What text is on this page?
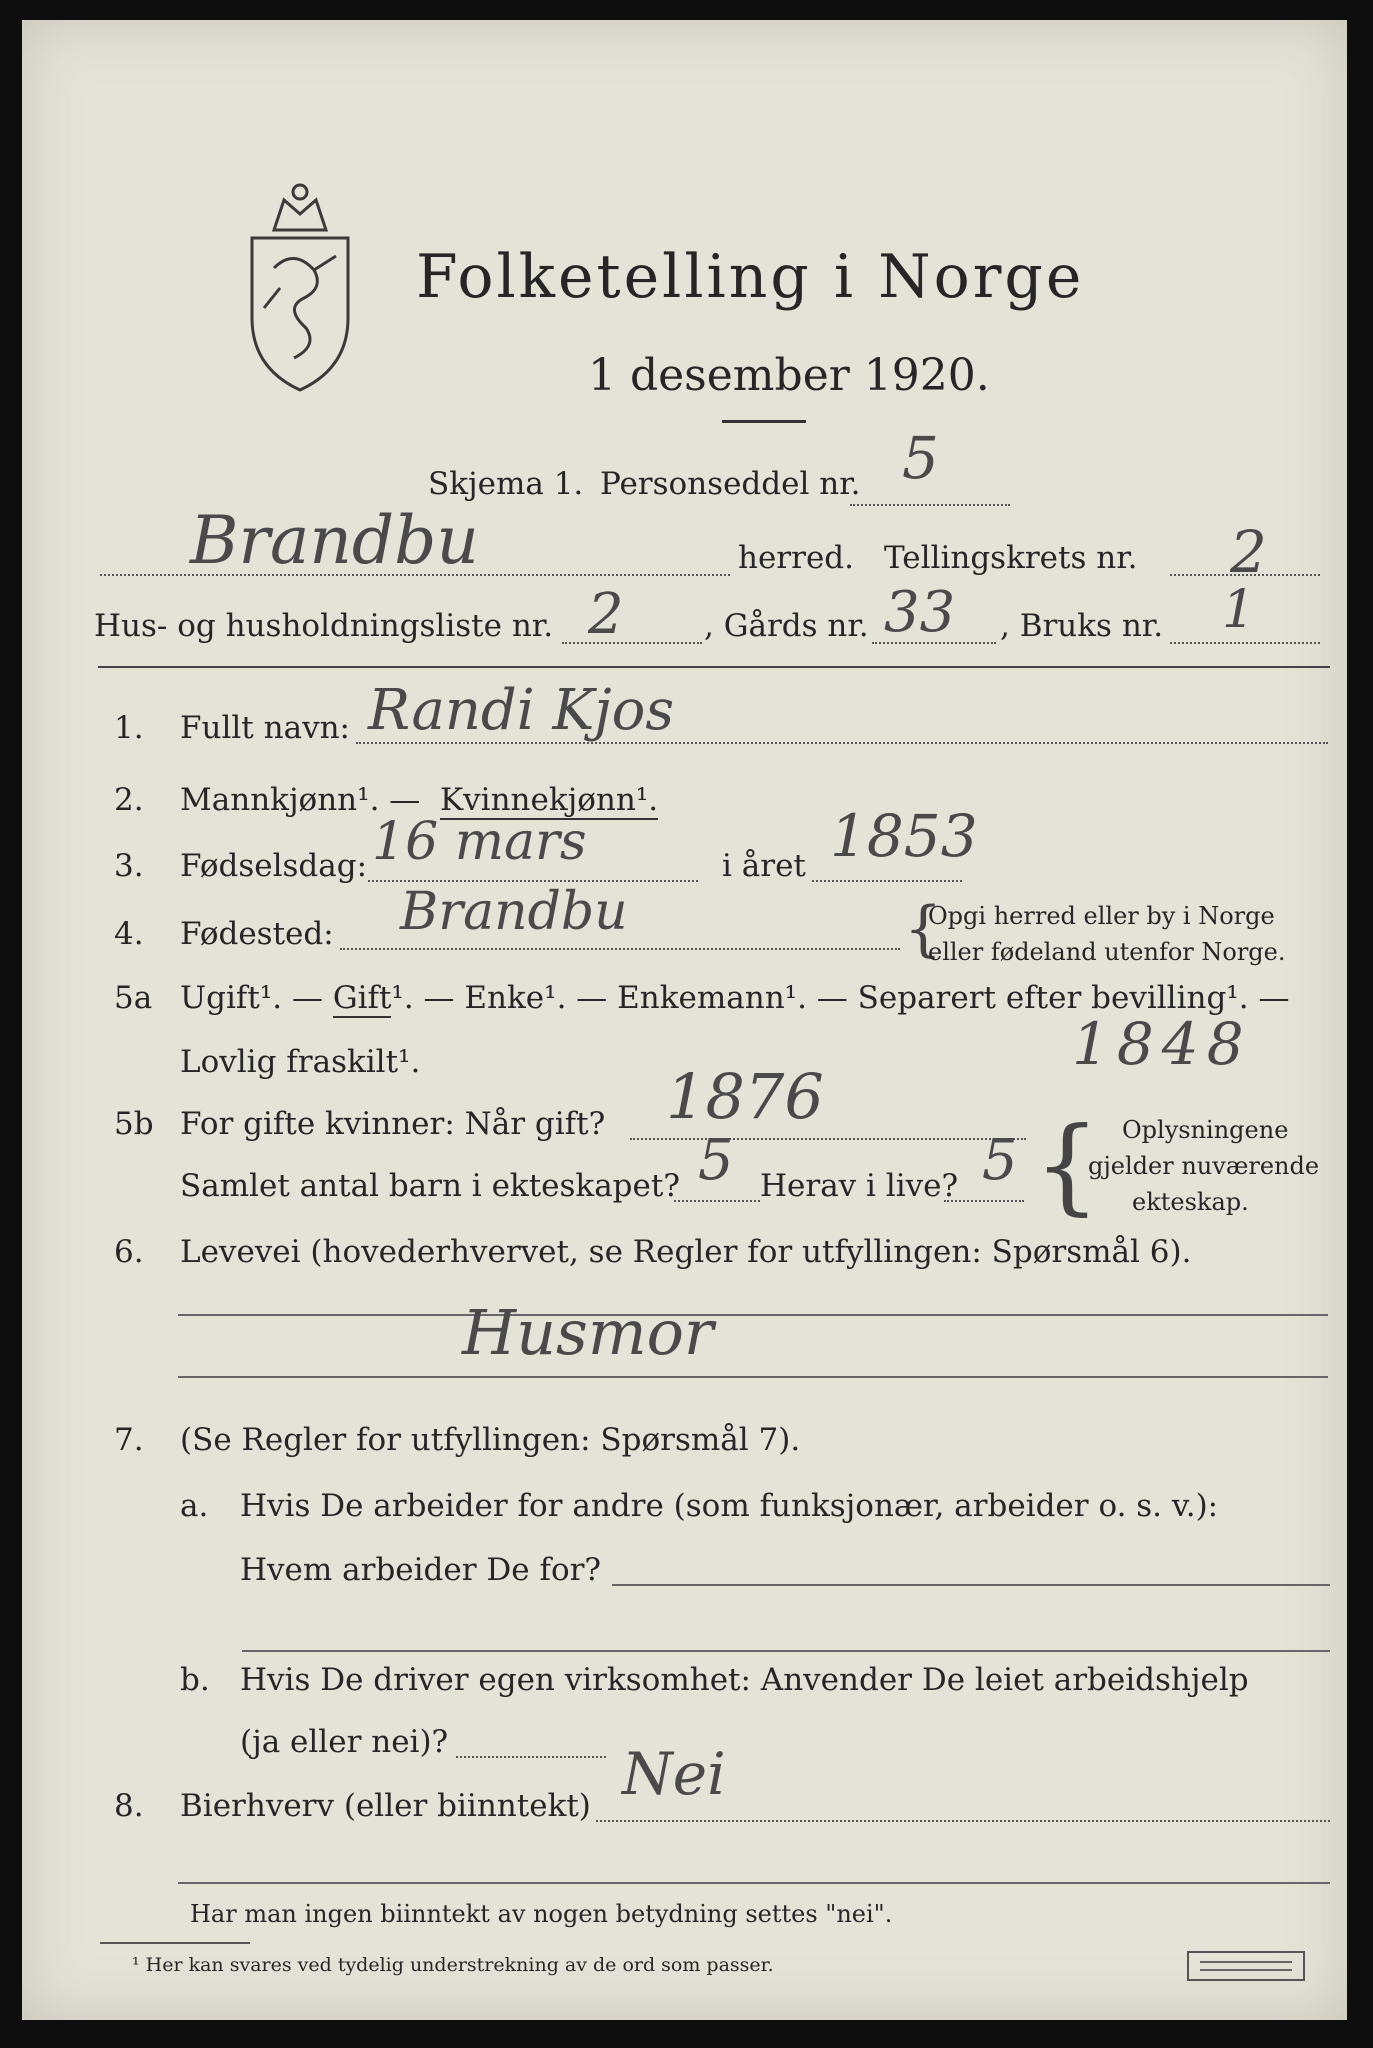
Folketelling i Norge
1 desember 1920.
Skjema 1. Personseddel nr. 5
Brandbu	herred. Tellingskrets nr. 2
Hus- og husholdningsliste nr. 2	, Gårds nr. 33 , Bruks nr. 1
1. Fullt navn: Randi Kjos
2. Mannkjønn¹. — Kvinnekjønn¹.
3. Fødselsdag: 16 mars	i året 1853
4. Fødested: Brandbu	{
Opgi herred eller by i Norge
eller fødeland utenfor Norge.
5a Ugift¹. — Gift¹. — Enke¹. — Enkemann¹. — Separert efter bevilling¹. —
Lovlig fraskilt¹.	1848
5b For gifte kvinner: Når gift? 1876
Samlet antal barn i ekteskapet? 5 Herav i live? 5 { Oplysningene
gjelder nuværende
ekteskap.
6. Levevei (hovederhvervet, se Regler for utfyllingen: Spørsmål 6).
Husmor
7. (Se Regler for utfyllingen: Spørsmål 7).
a. Hvis De arbeider for andre (som funksjonær, arbeider o. s. v.):
Hvem arbeider De for?
b. Hvis De driver egen virksomhet: Anvender De leiet arbeidshjelp
(ja eller nei)?
8. Bierhverv (eller biinntekt) Nei
Har man ingen biinntekt av nogen betydning settes "nei".
¹ Her kan svares ved tydelig understrekning av de ord som passer.
